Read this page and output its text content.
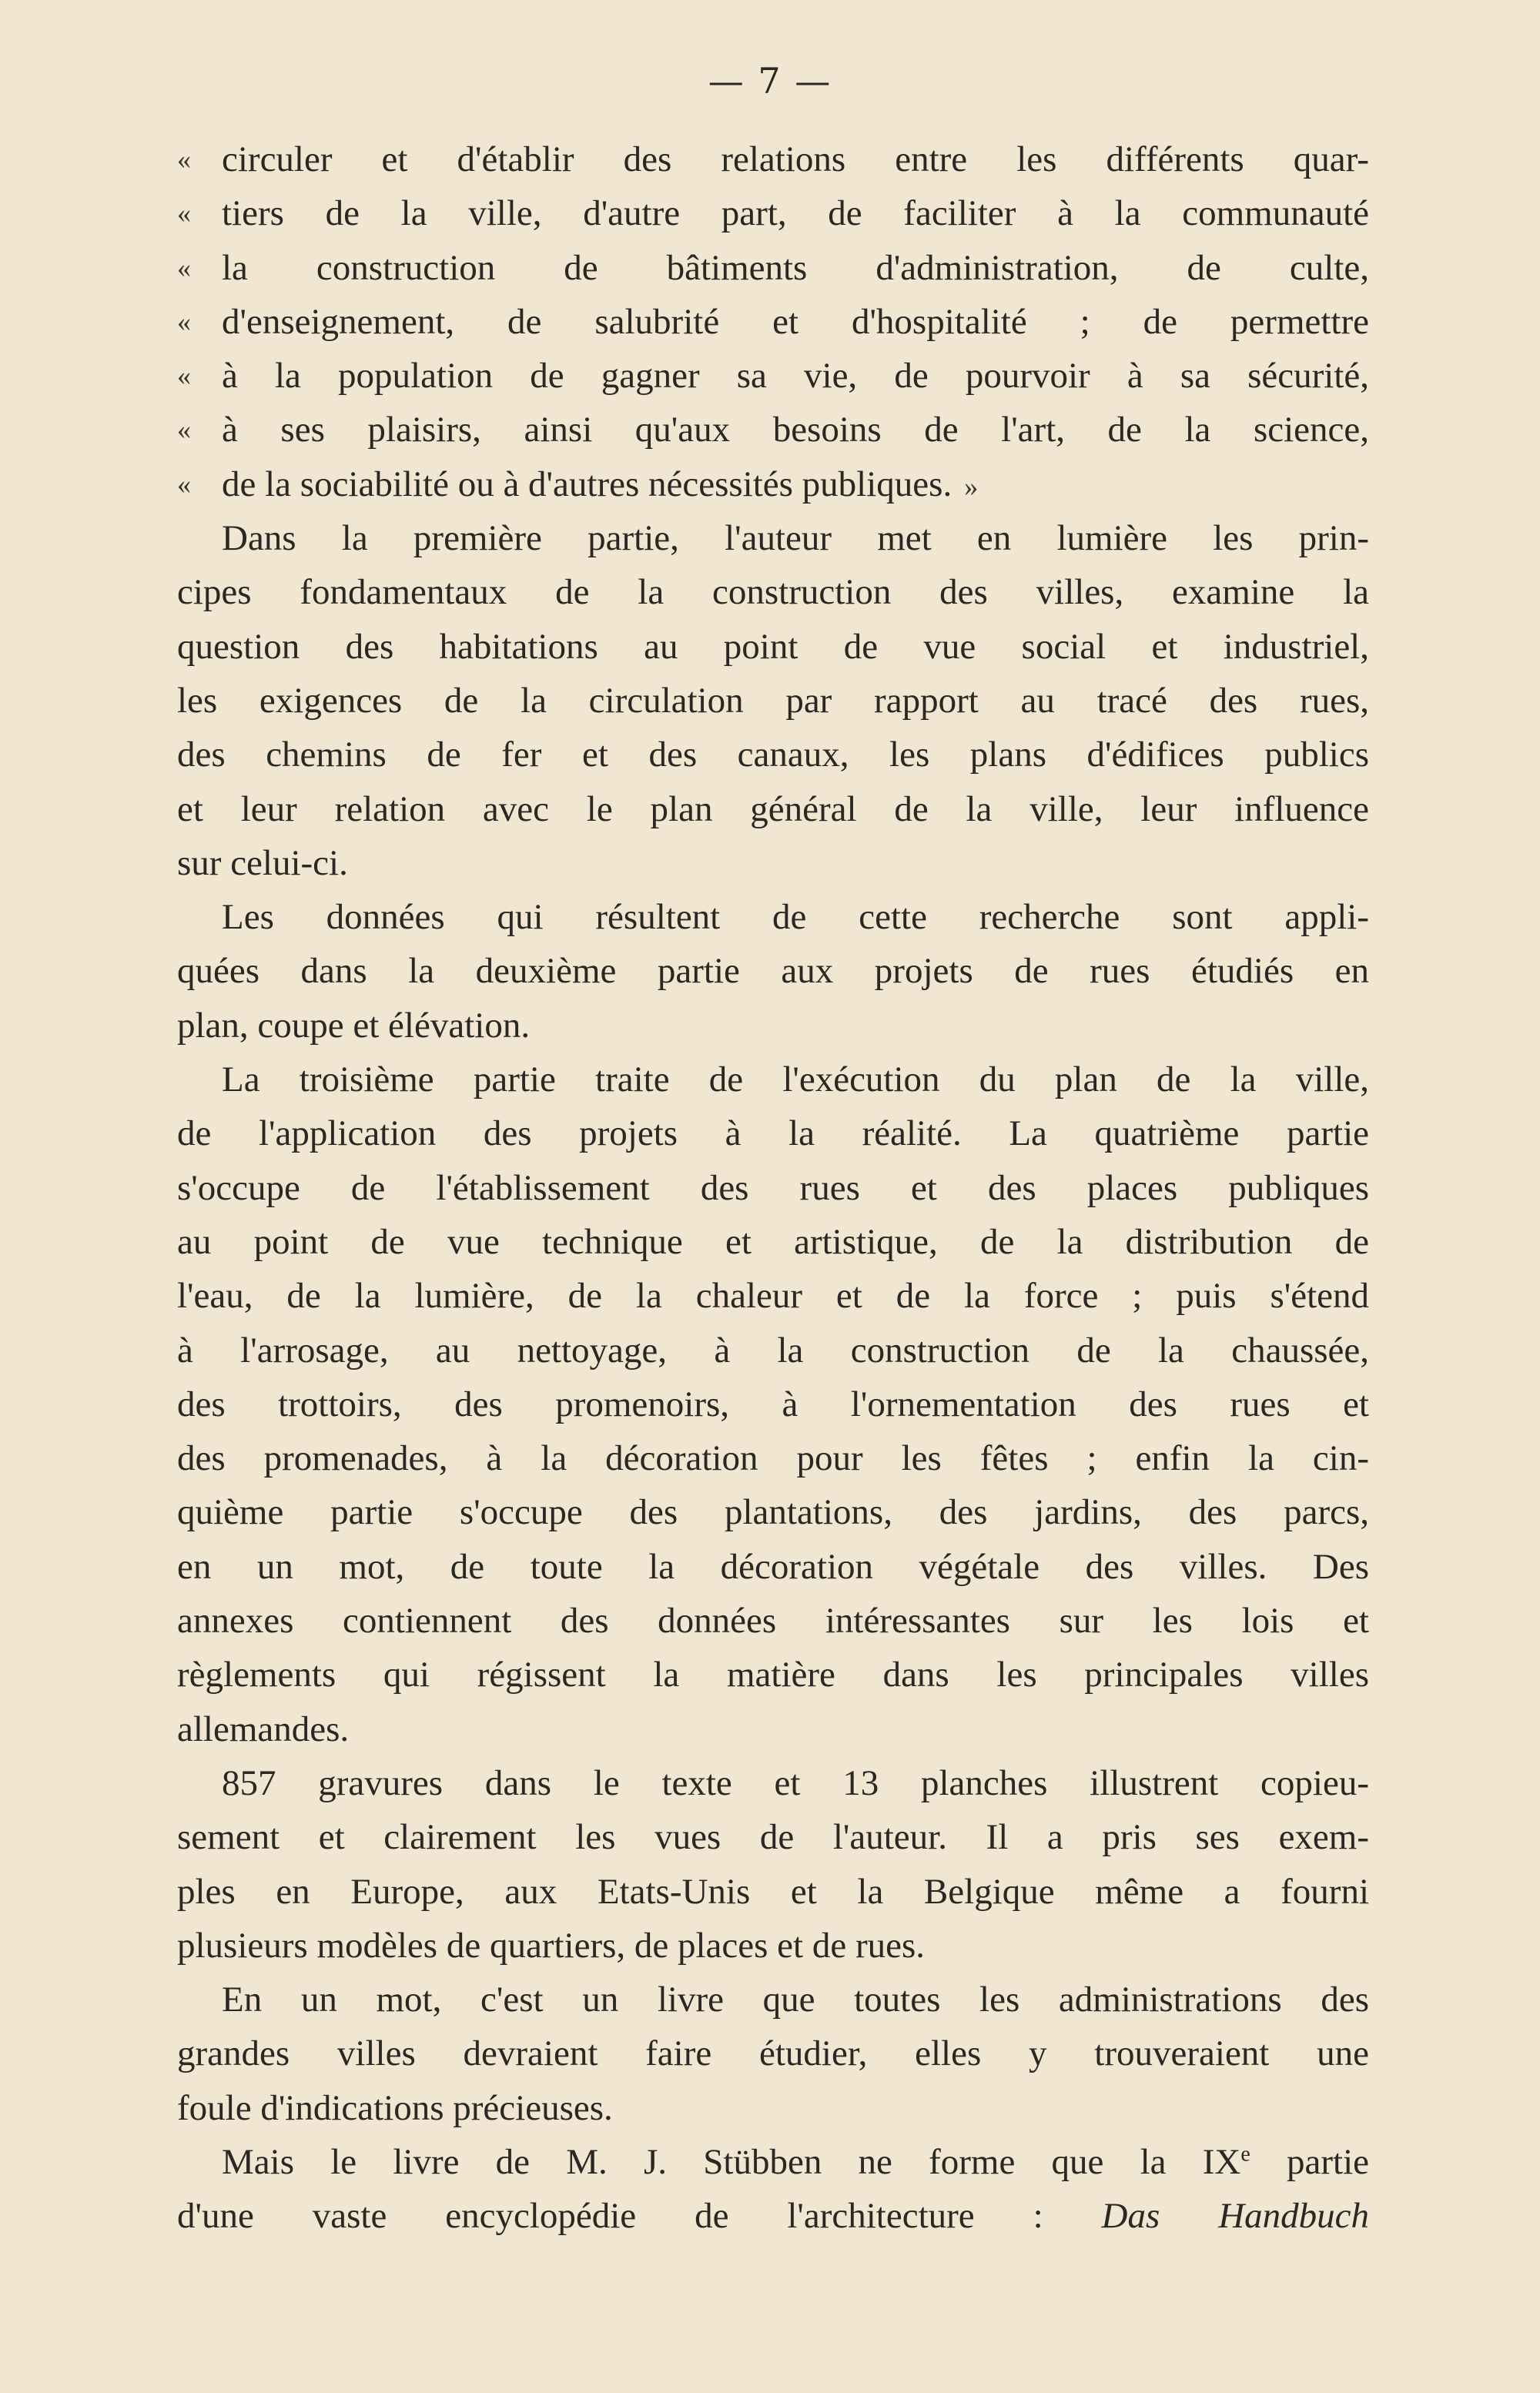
— 7 —
« circuler et d'établir des relations entre les différents quar-
« tiers de la ville, d'autre part, de faciliter à la communauté
« la construction de bâtiments d'administration, de culte,
« d'enseignement, de salubrité et d'hospitalité ; de permettre
« à la population de gagner sa vie, de pourvoir à sa sécurité,
« à ses plaisirs, ainsi qu'aux besoins de l'art, de la science,
« de la sociabilité ou à d'autres nécessités publiques. »
Dans la première partie, l'auteur met en lumière les prin-
cipes fondamentaux de la construction des villes, examine la
question des habitations au point de vue social et industriel,
les exigences de la circulation par rapport au tracé des rues,
des chemins de fer et des canaux, les plans d'édifices publics
et leur relation avec le plan général de la ville, leur influence
sur celui-ci.
Les données qui résultent de cette recherche sont appli-
quées dans la deuxième partie aux projets de rues étudiés en
plan, coupe et élévation.
La troisième partie traite de l'exécution du plan de la ville,
de l'application des projets à la réalité. La quatrième partie
s'occupe de l'établissement des rues et des places publiques
au point de vue technique et artistique, de la distribution de
l'eau, de la lumière, de la chaleur et de la force ; puis s'étend
à l'arrosage, au nettoyage, à la construction de la chaussée,
des trottoirs, des promenoirs, à l'ornementation des rues et
des promenades, à la décoration pour les fêtes ; enfin la cin-
quième partie s'occupe des plantations, des jardins, des parcs,
en un mot, de toute la décoration végétale des villes. Des
annexes contiennent des données intéressantes sur les lois et
règlements qui régissent la matière dans les principales villes
allemandes.
857 gravures dans le texte et 13 planches illustrent copieu-
sement et clairement les vues de l'auteur. Il a pris ses exem-
ples en Europe, aux Etats-Unis et la Belgique même a fourni
plusieurs modèles de quartiers, de places et de rues.
En un mot, c'est un livre que toutes les administrations des
grandes villes devraient faire étudier, elles y trouveraient une
foule d'indications précieuses.
Mais le livre de M. J. Stübben ne forme que la IXe partie
d'une vaste encyclopédie de l'architecture : Das Handbuch
